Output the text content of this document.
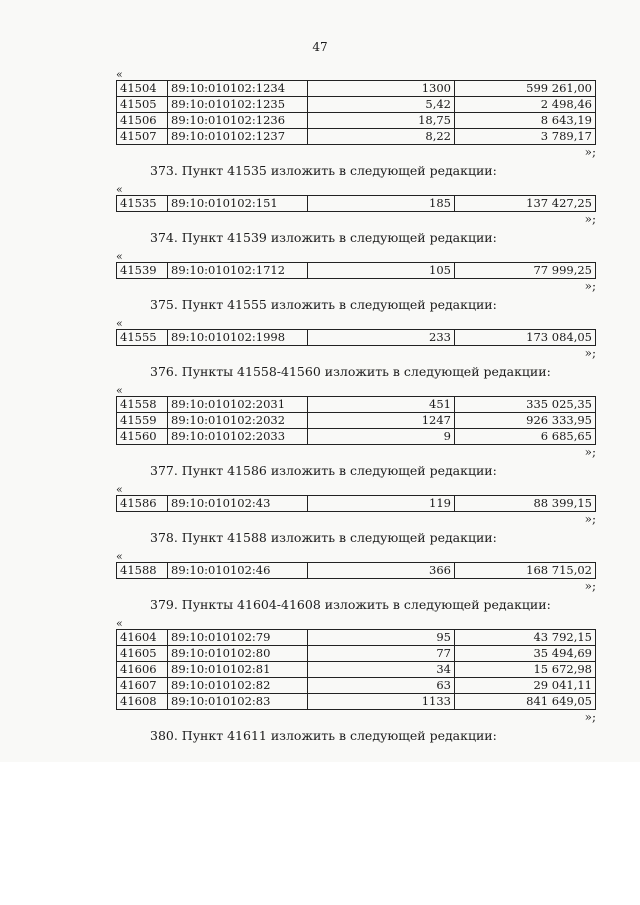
47

«

41504	89:10:010102:1234	1300	599 261,00
41505	89:10:010102:1235	5,42	2 498,46
41506	89:10:010102:1236	18,75	8 643,19
41507	89:10:010102:1237	8,22	3 789,17

»;

373. Пункт 41535 изложить в следующей редакции:

«

41535	89:10:010102:151	185	137 427,25

»;

374. Пункт 41539 изложить в следующей редакции:

«

41539	89:10:010102:1712	105	77 999,25

»;

375. Пункт 41555 изложить в следующей редакции:

«

41555	89:10:010102:1998	233	173 084,05

»;

376. Пункты 41558-41560 изложить в следующей редакции:

«

41558	89:10:010102:2031	451	335 025,35
41559	89:10:010102:2032	1247	926 333,95
41560	89:10:010102:2033	9	6 685,65

»;

377. Пункт 41586 изложить в следующей редакции:

«

41586	89:10:010102:43	119	88 399,15

»;

378. Пункт 41588 изложить в следующей редакции:

«

41588	89:10:010102:46	366	168 715,02

»;

379. Пункты 41604-41608 изложить в следующей редакции:

«

41604	89:10:010102:79	95	43 792,15
41605	89:10:010102:80	77	35 494,69
41606	89:10:010102:81	34	15 672,98
41607	89:10:010102:82	63	29 041,11
41608	89:10:010102:83	1133	841 649,05

»;

380. Пункт 41611 изложить в следующей редакции:
